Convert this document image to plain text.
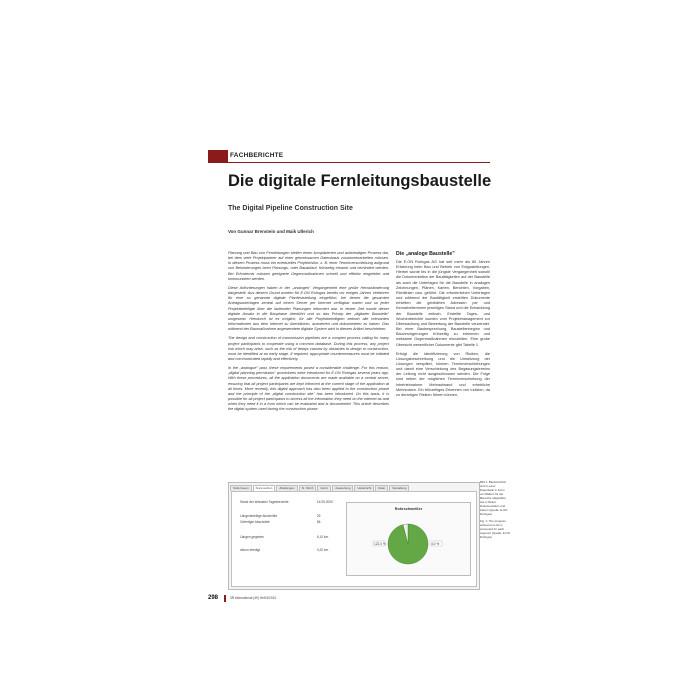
FACHBERICHTE
Die digitale Fernleitungsbaustelle
The Digital Pipeline Construction Site
Von Gunnar Brenstein und Maik Ullerich

Planung und Bau von Fernleitungen stellen einen komplizierten und aufwendigen Prozess dar, bei dem viele Projektpartner auf einer gemeinsamen Datenbasis zusammenarbeiten müssen. In diesem Prozess muss ein eventuelles Projektrisiko, z. B. einer Terminverschiebung aufgrund von Behinderungen beim Planungs- oder Bauablauf, frühzeitig erkannt und verhindert werden. Bei Erfordernis müssen geeignete Gegenmaßnahmen schnell und effektiv eingeleitet und kommuniziert werden.

Diese Anforderungen haben in der „analogen" Vergangenheit eine große Herausforderung dargestellt. Aus diesem Grund wurden für E.ON Ruhrgas bereits vor einigen Jahren Verfahren für eine so genannte digitale Planfeststellung eingeführt, bei denen die gesamten Antragsunterlagen zentral auf einem Server per Internet verfügbar waren und so jeder Projektbeteiligte über die laufenden Planungen informiert war. In letzter Zeit wurde dieser digitale Ansatz in die Bauphase übertührt und so das Prinzip der „digitalen Baustelle" umgesetzt. Hierdurch ist es möglich, für alle Projektbeteiligten zeitnah alle relevanten Informationen aus dem Internet zu überblicken, auswerten und dokumentiert zu haben. Das während der Baumaßnahme angewendete digitale System wird in diesem Artikel beschrieben.

The design and construction of transmission pipelines are a complex process calling for many project participants to cooperate using a common database. During this process, any project risk which may arise, such as the risk of delays caused by obstacles to design or construction, must be identified at an early stage. If required, appropriate countermeasures must be initiated and communicated rapidly and effectively.

In the „analogue" past, these requirements posed a considerable challenge. For this reason, „digital planning permission" procedures were introduced for E.ON Ruhrgas several years ago. With these procedures, all the application documents are made available on a central server, ensuring that all project participants are kept informed at the current stage of the application at all times. More recently, this digital approach has also been applied to the construction phase and the principle of the „digital construction site" has been introduced. On this basis, it is possible for all project participants to access all the information they need on the internet as and when they need it in a form which can be evaluated and is documented. This article describes the digital system used during the construction phase.

Die „analoge Baustelle"

Die E.ON Ruhrgas AG hat seit mehr als 80 Jahren Erfahrung beim Bau und Betrieb von Erdgasleitungen. Hierbei wurde bis in die jüngste Vergangenheit sowohl die Dokumentation der Bautätigkeiten auf der Baustelle als auch die Unterlagen für die Baustelle in analogen Zeichnungen, Plänen, Karten, Berichten, Vorgaben, Richtlinien usw. geführt. Die erforderlichen Unterlagen und während der Bautätigkeit erstellten Dokumente erhielten die gebildeten Adressen per und Kernarbeiterinnen jeweiligen Stand und die Entwicklung der Baustelle zeitnah. Erstellte Tages- und Wochenberichte wurden vom Projektmanagement zur Überwachung und Bewertung der Baustelle verwendet. Bei einer Baubesprechung, Baustellenbeginn und Bauverzögerungen frühzeitig zu erkennen und wirksame Gegenmaßnahmen einzuleiten. Eine grobe Übersicht wesentlicher Dokumente gibt Tabelle 1.

Erfolgt die Identifizierung von Risiken, die Lösungsbeschreibung und die Umsetzung der Lösungen verspätet, können Terminverschiebungen und damit eine Verschiebung des Begasungstermins der Leitung nicht ausgeschlossen werden. Die Folge sind neben der möglichen Terminverschiebung der Inbetriebnahme Mehraufwand und erhebliche Mehrkosten. Ein frühzeitiges Erkennen von Indizien, da zu derartigen Risiken führen können,

Stufe bauen	Kreis suchen	Abteilungen	St. Strich	Grünl.	Auswertung	Uebersicht	Datei	Verwaltung
Stand der erfassten Tagesberichte	16.09.2000
Länge/anteilige Abschnitte	29
Gefertigte Abschnitte	66
Längen gegeben	6,10 km
davon erledigt	0,20 km
Rohrschweißer
122,0 %	4,0 %

Bild 1: Baufortschritt wird in einer Datenbank in Form von Balken für die Bereiche abgebildet wie in Reiter Dokumentation und Karten (Quelle: E.ON Ruhrgas)

Fig. 1: The progress achieved so far is presented for each segment (Quelle: E.ON Ruhrgas)

298	3R international (49) Heft 5/2010
